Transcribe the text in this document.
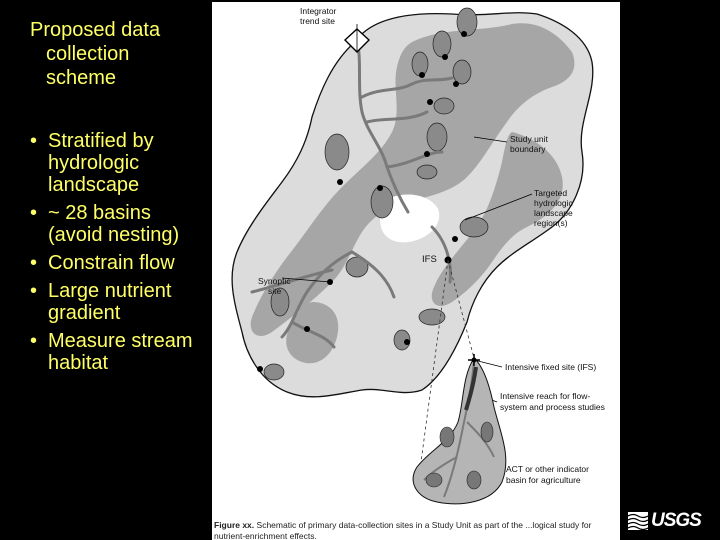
Proposed data
collection
scheme
• Stratified by hydrologic landscape
• ~ 28 basins (avoid nesting)
• Constrain flow
• Large nutrient gradient
• Measure stream habitat
Integrator
trend site
Study unit
boundary
Targeted
hydrologic
landscape
region(s)
IFS
Synoptic
site
Intensive fixed site (IFS)
Intensive reach for flow-
system and process studies
ACT or other indicator
basin for agriculture
Figure xx. Schematic of primary data-collection sites in a Study Unit as part of the ...logical study for nutrient-enrichment effects.
USGS
